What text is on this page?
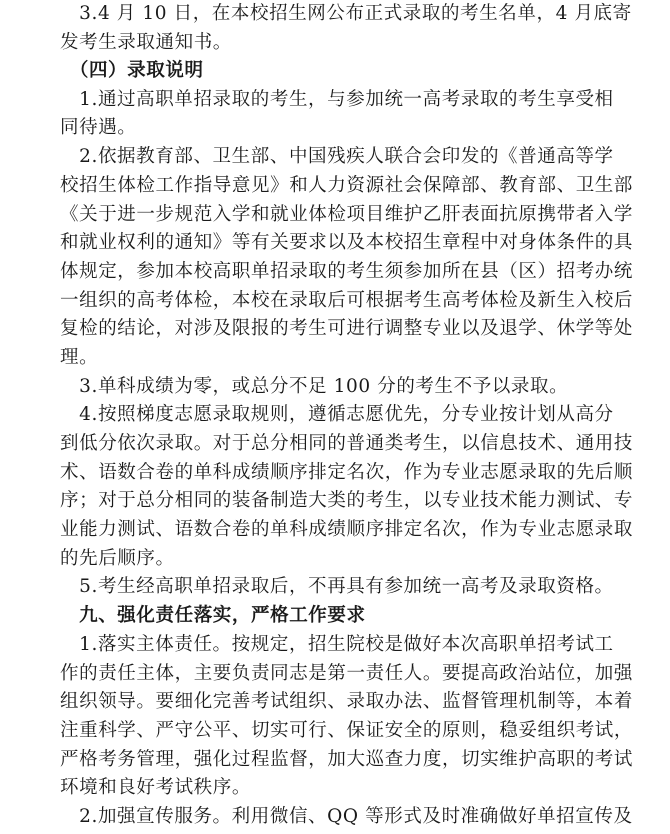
　3.4 月 10 日，在本校招生网公布正式录取的考生名单，4 月底寄
发考生录取通知书。
　（四）录取说明
　1.通过高职单招录取的考生，与参加统一高考录取的考生享受相
同待遇。
　2.依据教育部、卫生部、中国残疾人联合会印发的《普通高等学
校招生体检工作指导意见》和人力资源社会保障部、教育部、卫生部
《关于进一步规范入学和就业体检项目维护乙肝表面抗原携带者入学
和就业权利的通知》等有关要求以及本校招生章程中对身体条件的具
体规定，参加本校高职单招录取的考生须参加所在县（区）招考办统
一组织的高考体检，本校在录取后可根据考生高考体检及新生入校后
复检的结论，对涉及限报的考生可进行调整专业以及退学、休学等处
理。
　3.单科成绩为零，或总分不足 100 分的考生不予以录取。
　4.按照梯度志愿录取规则，遵循志愿优先，分专业按计划从高分
到低分依次录取。对于总分相同的普通类考生，以信息技术、通用技
术、语数合卷的单科成绩顺序排定名次，作为专业志愿录取的先后顺
序；对于总分相同的装备制造大类的考生，以专业技术能力测试、专
业能力测试、语数合卷的单科成绩顺序排定名次，作为专业志愿录取
的先后顺序。
　5.考生经高职单招录取后，不再具有参加统一高考及录取资格。
　九、强化责任落实，严格工作要求
　1.落实主体责任。按规定，招生院校是做好本次高职单招考试工
作的责任主体，主要负责同志是第一责任人。要提高政治站位，加强
组织领导。要细化完善考试组织、录取办法、监督管理机制等，本着
注重科学、严守公平、切实可行、保证安全的原则，稳妥组织考试，
严格考务管理，强化过程监督，加大巡查力度，切实维护高职的考试
环境和良好考试秩序。
　2.加强宣传服务。利用微信、QQ 等形式及时准确做好单招宣传及
